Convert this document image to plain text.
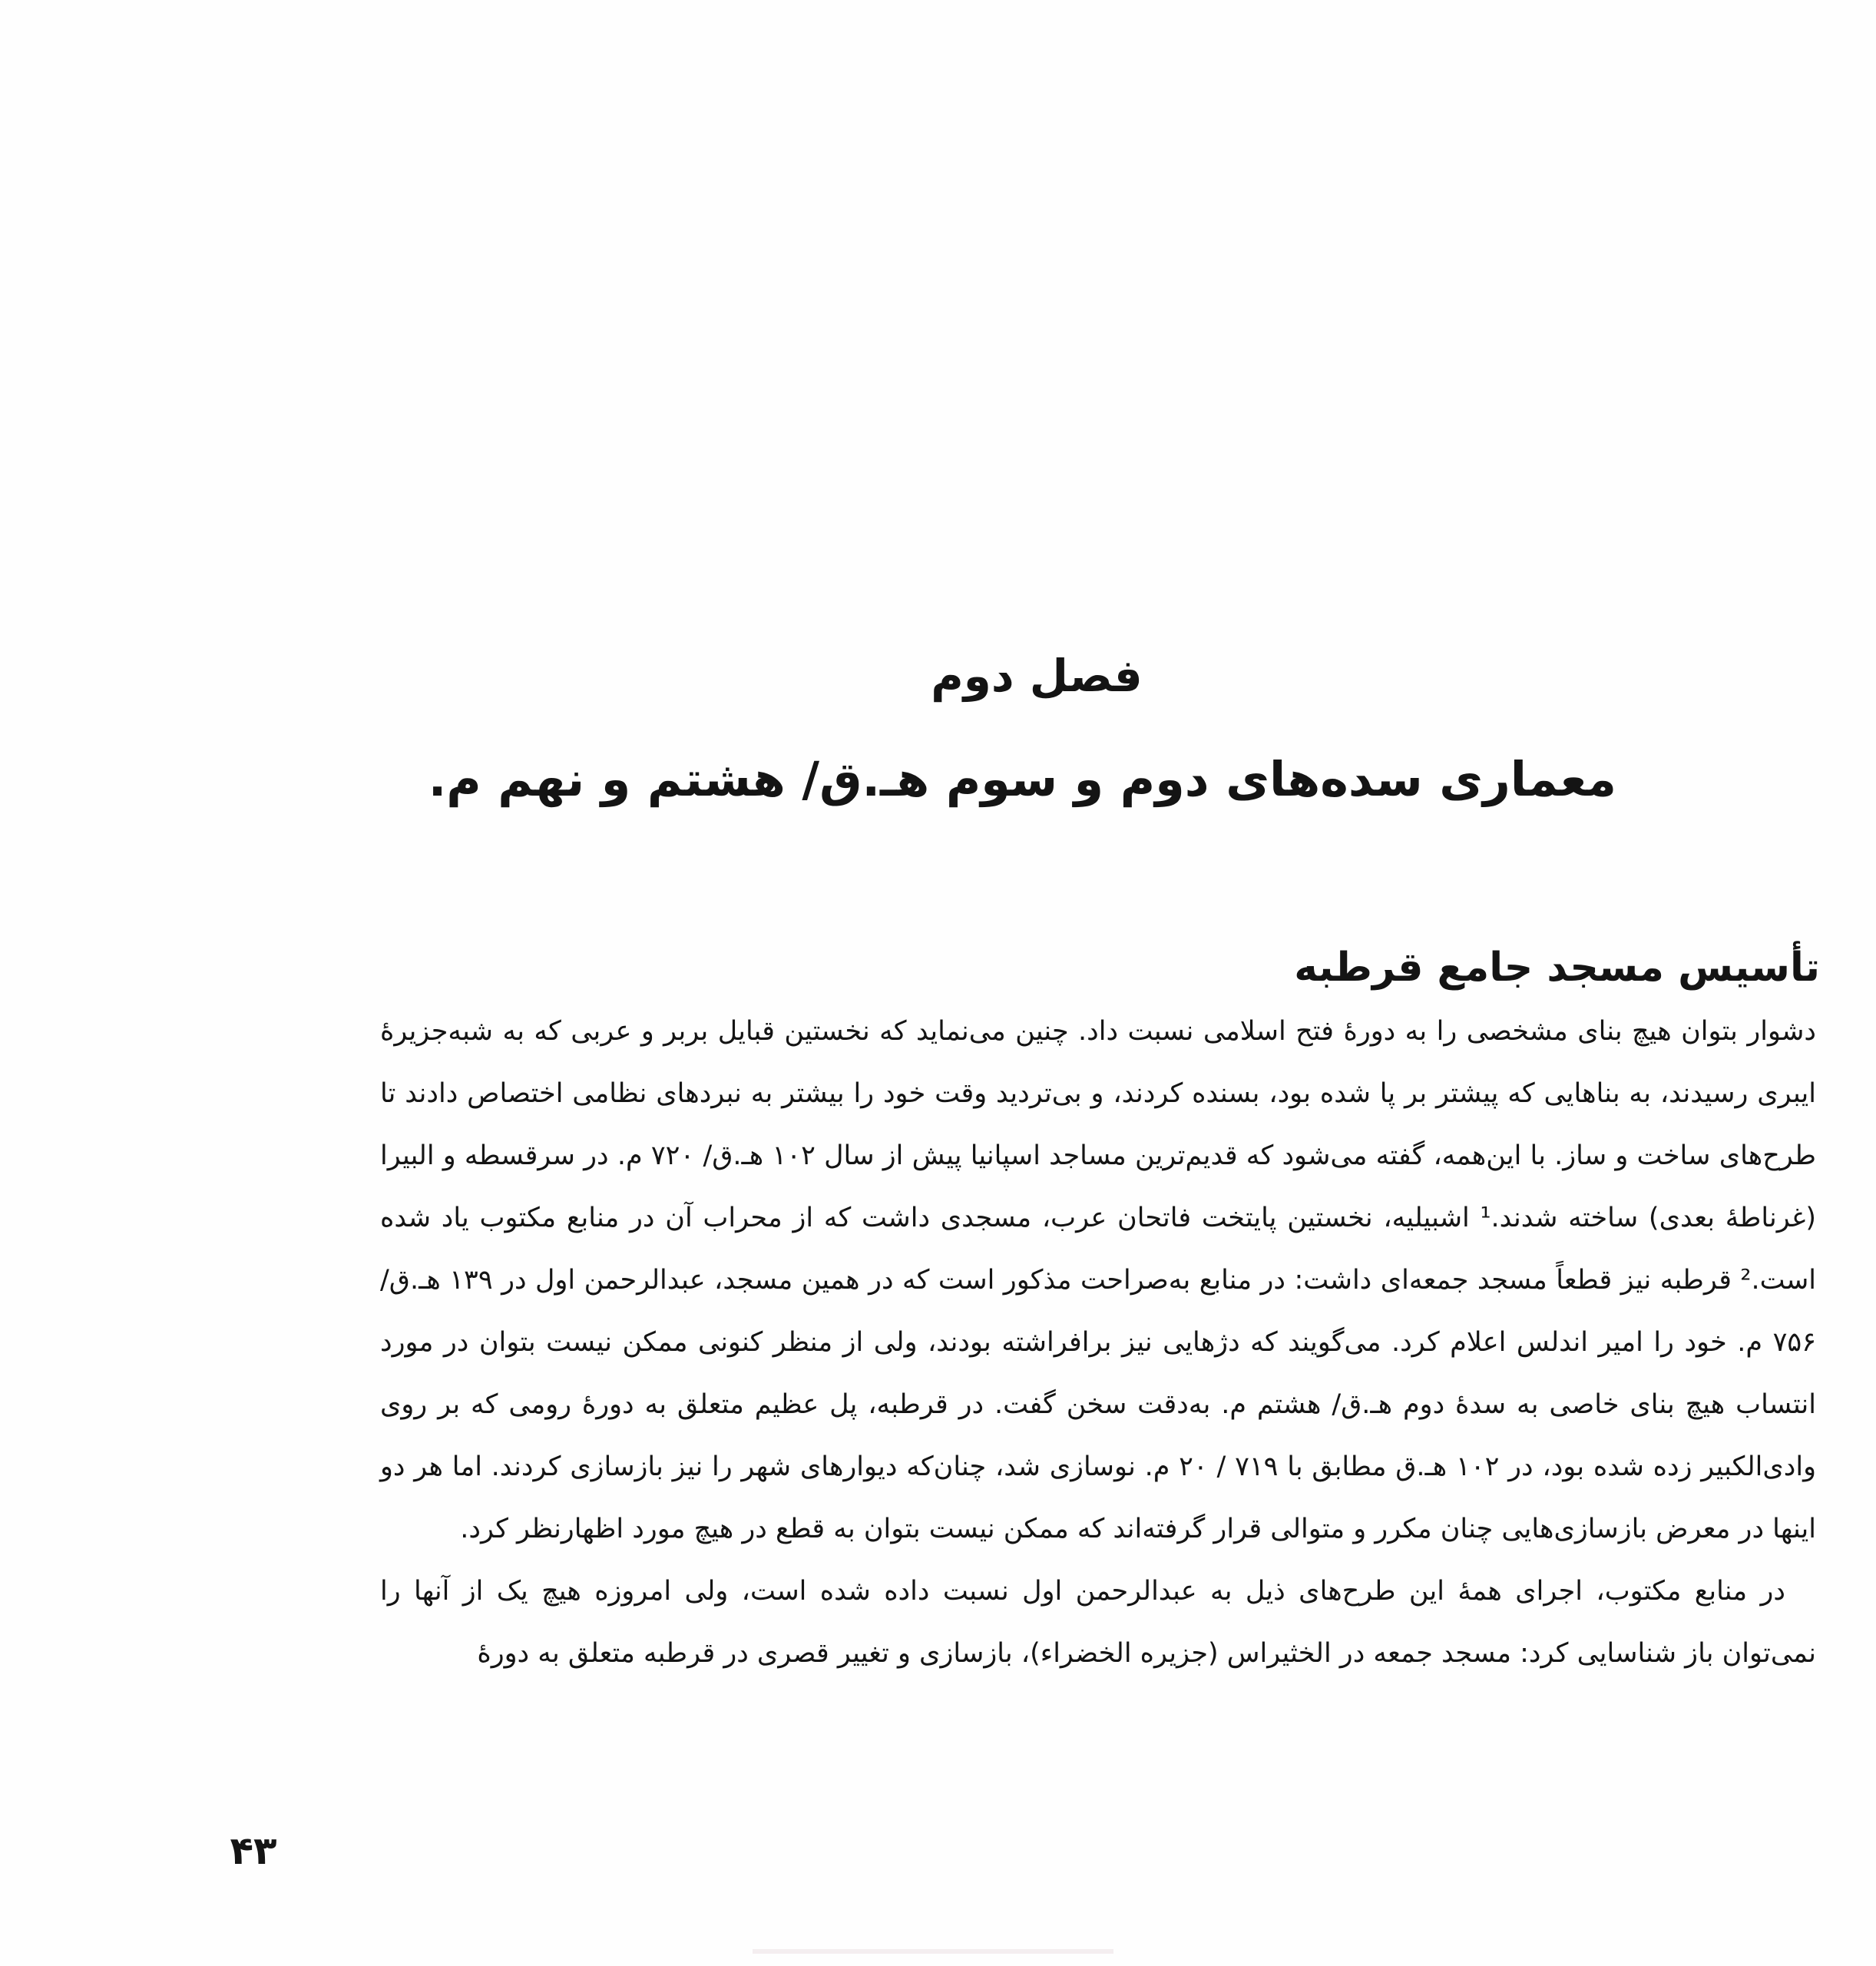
فصل دوم
معماری سده‌های دوم و سوم هـ.ق/ هشتم و نهم م.
تأسیس مسجد جامع قرطبه

دشوار بتوان هیچ بنای مشخصی را به دورهٔ فتح اسلامی نسبت داد. چنین می‌نماید که نخستین قبایل بربر و عربی که به شبه‌جزیرهٔ ایبری رسیدند، به بناهایی که پیشتر بر پا شده بود، بسنده کردند، و بی‌تردید وقت خود را بیشتر به نبردهای نظامی اختصاص دادند تا طرح‌های ساخت و ساز. با این‌همه، گفته می‌شود که قدیم‌ترین مساجد اسپانیا پیش از سال ۱۰۲ هـ.ق/ ۷۲۰ م. در سرقسطه و البیرا (غرناطهٔ بعدی) ساخته شدند.¹ اشبیلیه، نخستین پایتخت فاتحان عرب، مسجدی داشت که از محراب آن در منابع مکتوب یاد شده است.² قرطبه نیز قطعاً مسجد جمعه‌ای داشت: در منابع به‌صراحت مذکور است که در همین مسجد، عبدالرحمن اول در ۱۳۹ هـ.ق/ ۷۵۶ م. خود را امیر اندلس اعلام کرد. می‌گویند که دژهایی نیز برافراشته بودند، ولی از منظر کنونی ممکن نیست بتوان در مورد انتساب هیچ بنای خاصی به سدهٔ دوم هـ.ق/ هشتم م. به‌دقت سخن گفت. در قرطبه، پل عظیم متعلق به دورهٔ رومی که بر روی وادی‌الکبیر زده شده بود، در ۱۰۲ هـ.ق مطابق با ۷۱۹ / ۲۰ م. نوسازی شد، چنان‌که دیوارهای شهر را نیز بازسازی کردند. اما هر دو اینها در معرض بازسازی‌هایی چنان مکرر و متوالی قرار گرفته‌اند که ممکن نیست بتوان به قطع در هیچ مورد اظهارنظر کرد.

در منابع مکتوب، اجرای همهٔ این طرح‌های ذیل به عبدالرحمن اول نسبت داده شده است، ولی امروزه هیچ یک از آنها را نمی‌توان باز شناسایی کرد: مسجد جمعه در الخثیراس (جزیره الخضراء)، بازسازی و تغییر قصری در قرطبه متعلق به دورهٔ

۴۳
